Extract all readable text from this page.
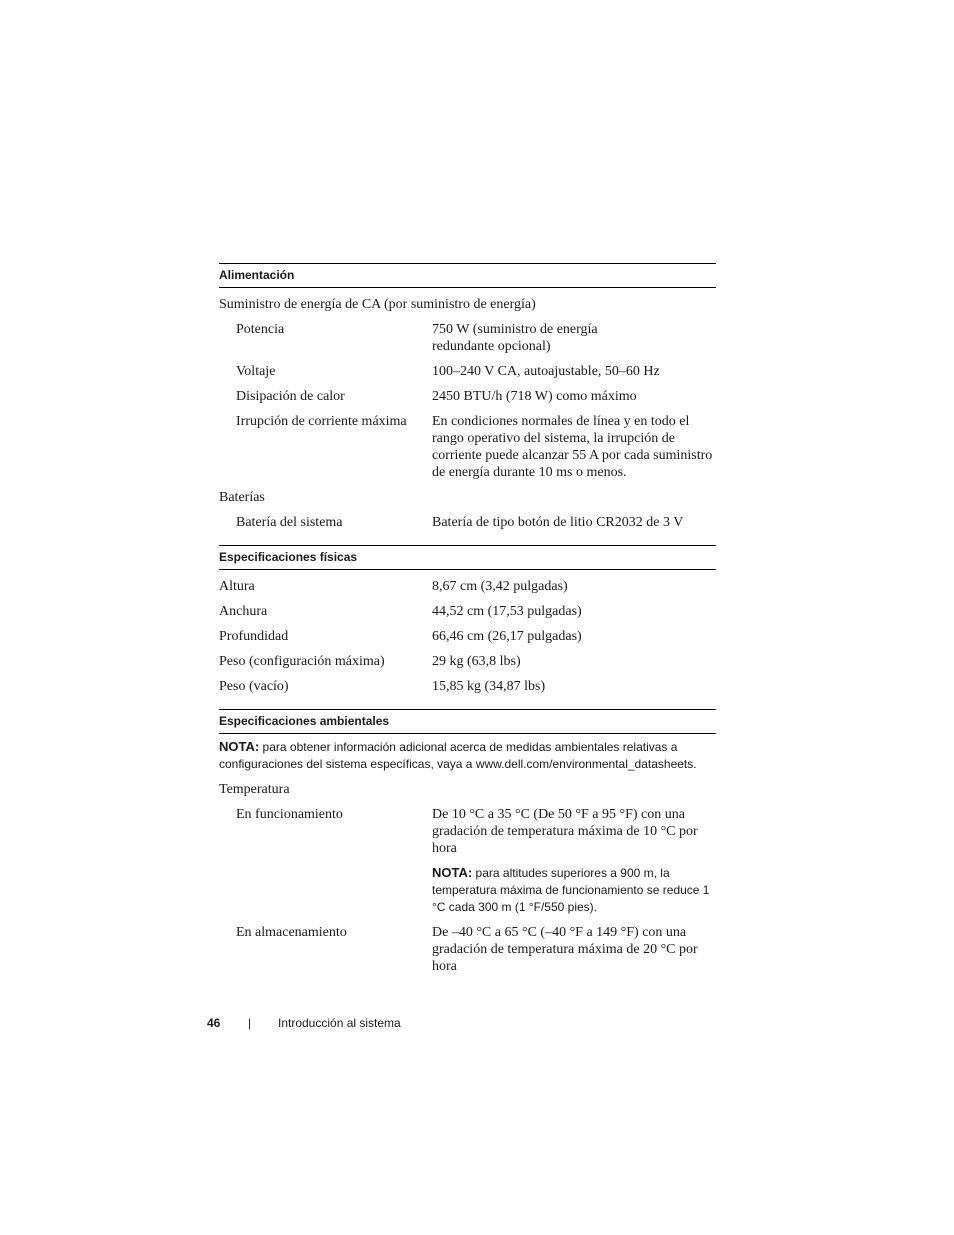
Alimentación
Suministro de energía de CA (por suministro de energía)
Potencia	750 W (suministro de energía redundante opcional)
Voltaje	100–240 V CA, autoajustable, 50–60 Hz
Disipación de calor	2450 BTU/h (718 W) como máximo
Irrupción de corriente máxima	En condiciones normales de línea y en todo el rango operativo del sistema, la irrupción de corriente puede alcanzar 55 A por cada suministro de energía durante 10 ms o menos.
Baterías
Batería del sistema	Batería de tipo botón de litio CR2032 de 3 V
Especificaciones físicas
Altura	8,67 cm (3,42 pulgadas)
Anchura	44,52 cm (17,53 pulgadas)
Profundidad	66,46 cm (26,17 pulgadas)
Peso (configuración máxima)	29 kg (63,8 lbs)
Peso (vacío)	15,85 kg (34,87 lbs)
Especificaciones ambientales
NOTA: para obtener información adicional acerca de medidas ambientales relativas a configuraciones del sistema específicas, vaya a www.dell.com/environmental_datasheets.
Temperatura
En funcionamiento	De 10 °C a 35 °C (De 50 °F a 95 °F) con una gradación de temperatura máxima de 10 °C por hora
NOTA: para altitudes superiores a 900 m, la temperatura máxima de funcionamiento se reduce 1 °C cada 300 m (1 °F/550 pies).
En almacenamiento	De –40 °C a 65 °C (–40 °F a 149 °F) con una gradación de temperatura máxima de 20 °C por hora
46 | Introducción al sistema
